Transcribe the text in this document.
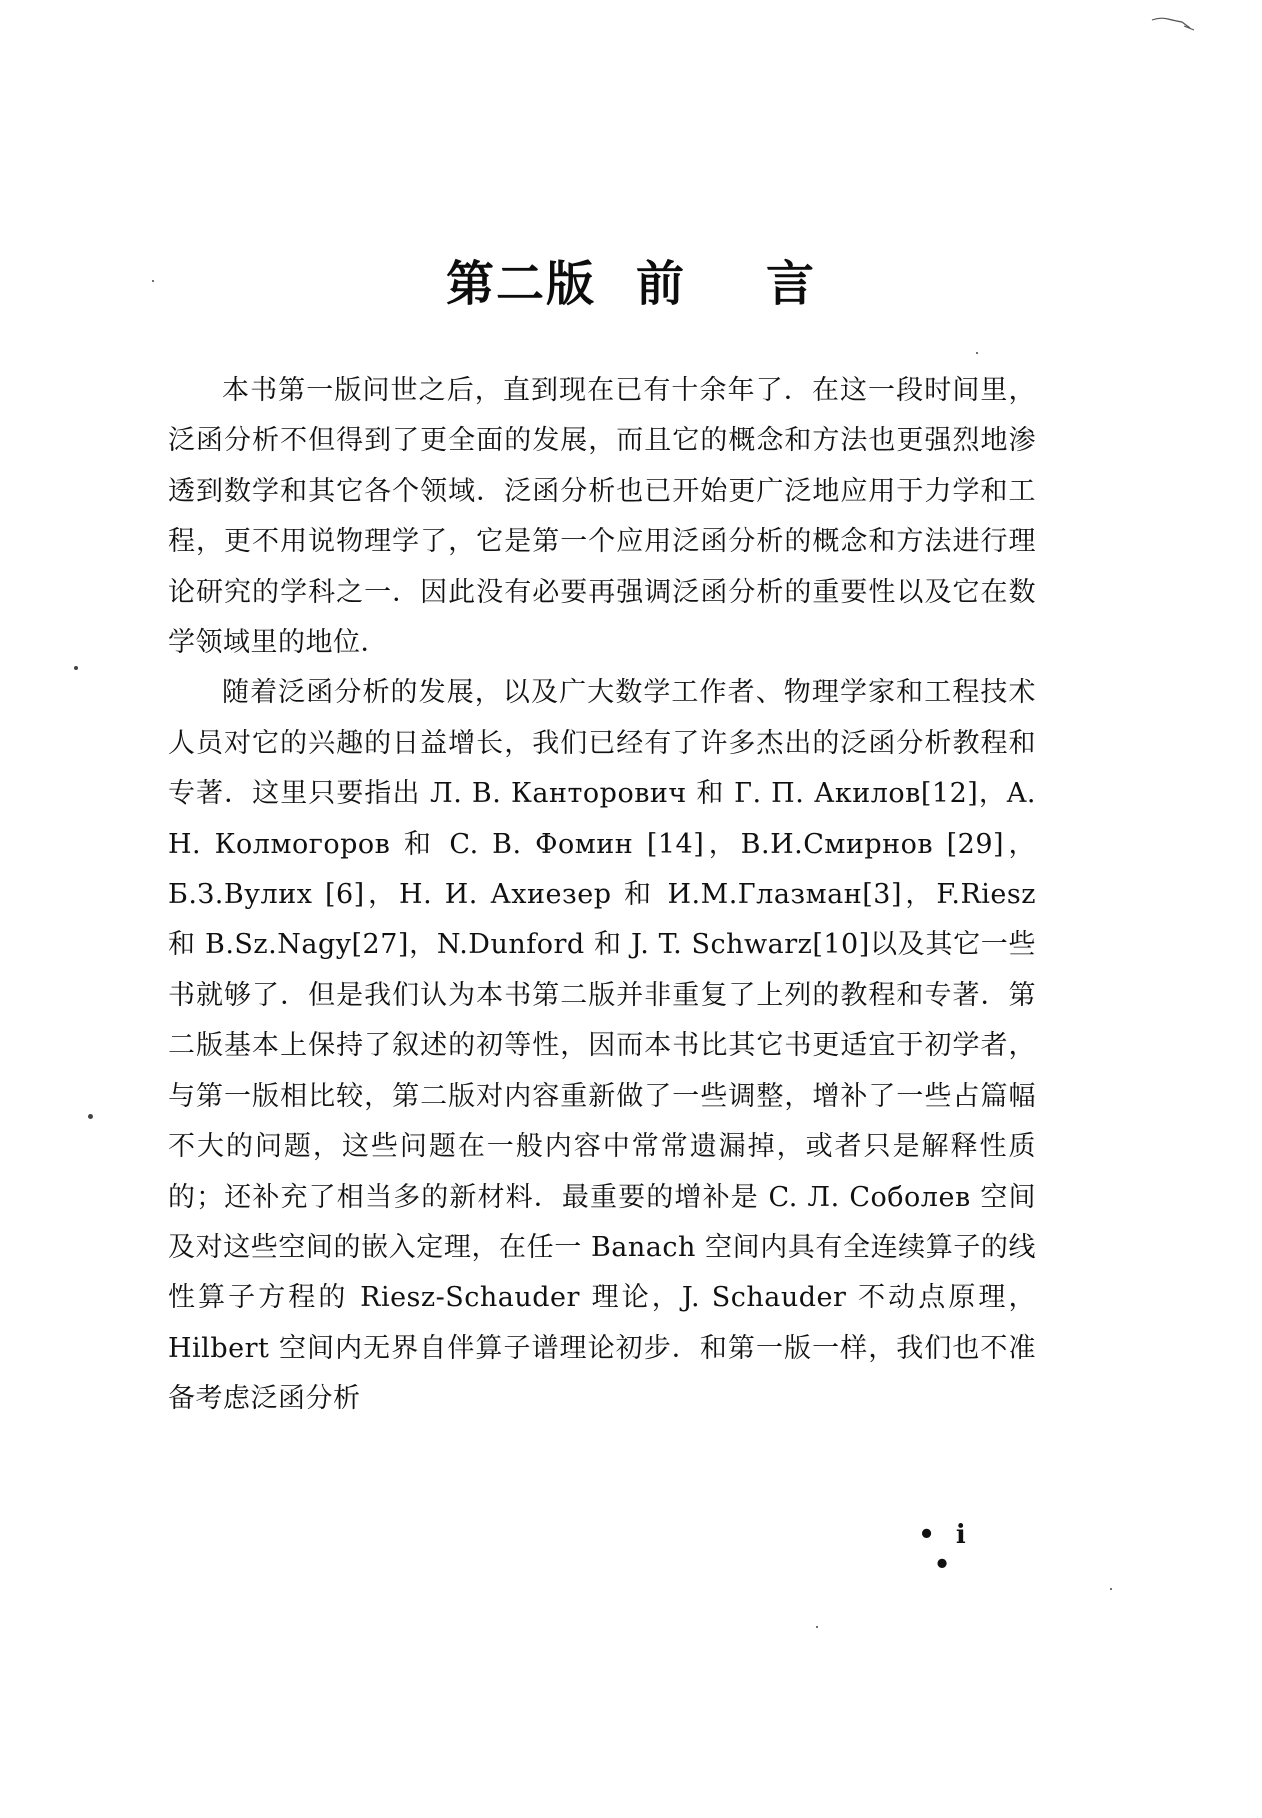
第二版 前 言

本书第一版问世之后，直到现在已有十余年了．在这一段时间里，泛函分析不但得到了更全面的发展，而且它的概念和方法也更强烈地渗透到数学和其它各个领域．泛函分析也已开始更广泛地应用于力学和工程，更不用说物理学了，它是第一个应用泛函分析的概念和方法进行理论研究的学科之一．因此没有必要再强调泛函分析的重要性以及它在数学领域里的地位．

随着泛函分析的发展，以及广大数学工作者、物理学家和工程技术人员对它的兴趣的日益增长，我们已经有了许多杰出的泛函分析教程和专著．这里只要指出 Л. В. Канторович 和 Г. П. Акилов[12]，A. H. Колмогоров 和 C. B. Фомин [14]，B.И.Смирнов [29]，Б.З.Вулих [6]，H. И. Ахиезер 和 И.М.Глазман[3]，F.Riesz 和 B.Sz.Nagy[27]，N.Dunford 和 J. T. Schwarz[10]以及其它一些书就够了．但是我们认为本书第二版并非重复了上列的教程和专著．第二版基本上保持了叙述的初等性，因而本书比其它书更适宜于初学者，与第一版相比较，第二版对内容重新做了一些调整，增补了一些占篇幅不大的问题，这些问题在一般内容中常常遗漏掉，或者只是解释性质的；还补充了相当多的新材料．最重要的增补是 C. Л. Соболев 空间及对这些空间的嵌入定理，在任一 Banach 空间内具有全连续算子的线性算子方程的 Riesz-Schauder 理论，J. Schauder 不动点原理，Hilbert 空间内无界自伴算子谱理论初步．和第一版一样，我们也不准备考虑泛函分析

• i •
